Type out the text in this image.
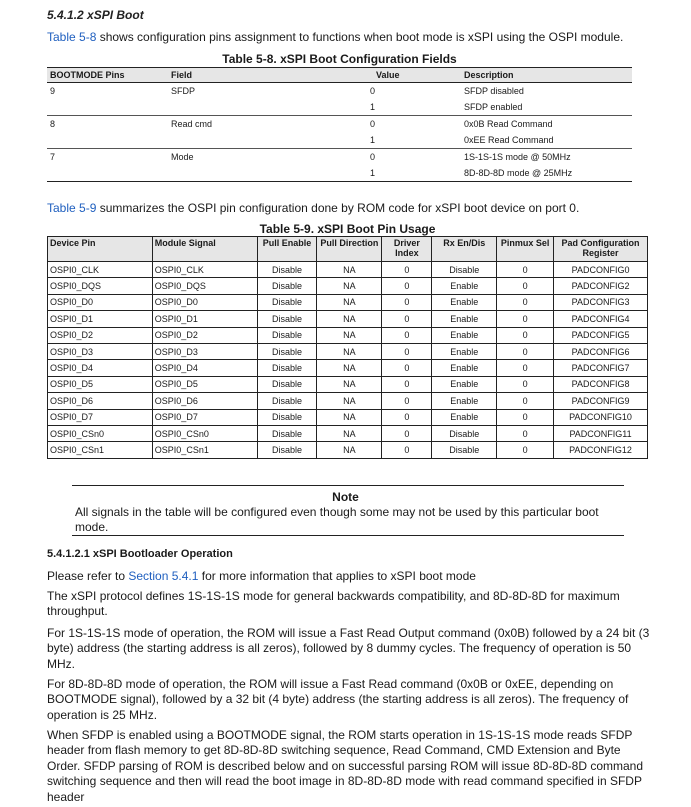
5.4.1.2 xSPI Boot
Table 5-8 shows configuration pins assignment to functions when boot mode is xSPI using the OSPI module.
Table 5-8. xSPI Boot Configuration Fields
BOOTMODE Pins	Field	Value	Description
9	SFDP	0	SFDP disabled
		1	SFDP enabled
8	Read cmd	0	0x0B Read Command
		1	0xEE Read Command
7	Mode	0	1S-1S-1S mode @ 50MHz
		1	8D-8D-8D mode @ 25MHz
Table 5-9 summarizes the OSPI pin configuration done by ROM code for xSPI boot device on port 0.
Table 5-9. xSPI Boot Pin Usage
Device Pin	Module Signal	Pull Enable	Pull Direction	Driver Index	Rx En/Dis	Pinmux Sel	Pad Configuration Register
OSPI0_CLK	OSPI0_CLK	Disable	NA	0	Disable	0	PADCONFIG0
OSPI0_DQS	OSPI0_DQS	Disable	NA	0	Enable	0	PADCONFIG2
OSPI0_D0	OSPI0_D0	Disable	NA	0	Enable	0	PADCONFIG3
OSPI0_D1	OSPI0_D1	Disable	NA	0	Enable	0	PADCONFIG4
OSPI0_D2	OSPI0_D2	Disable	NA	0	Enable	0	PADCONFIG5
OSPI0_D3	OSPI0_D3	Disable	NA	0	Enable	0	PADCONFIG6
OSPI0_D4	OSPI0_D4	Disable	NA	0	Enable	0	PADCONFIG7
OSPI0_D5	OSPI0_D5	Disable	NA	0	Enable	0	PADCONFIG8
OSPI0_D6	OSPI0_D6	Disable	NA	0	Enable	0	PADCONFIG9
OSPI0_D7	OSPI0_D7	Disable	NA	0	Enable	0	PADCONFIG10
OSPI0_CSn0	OSPI0_CSn0	Disable	NA	0	Disable	0	PADCONFIG11
OSPI0_CSn1	OSPI0_CSn1	Disable	NA	0	Disable	0	PADCONFIG12
Note
All signals in the table will be configured even though some may not be used by this particular boot mode.
5.4.1.2.1 xSPI Bootloader Operation
Please refer to Section 5.4.1 for more information that applies to xSPI boot mode
The xSPI protocol defines 1S-1S-1S mode for general backwards compatibility, and 8D-8D-8D for maximum throughput.
For 1S-1S-1S mode of operation, the ROM will issue a Fast Read Output command (0x0B) followed by a 24 bit (3 byte) address (the starting address is all zeros), followed by 8 dummy cycles. The frequency of operation is 50 MHz.
For 8D-8D-8D mode of operation, the ROM will issue a Fast Read command (0x0B or 0xEE, depending on BOOTMODE signal), followed by a 32 bit (4 byte) address (the starting address is all zeros). The frequency of operation is 25 MHz.
When SFDP is enabled using a BOOTMODE signal, the ROM starts operation in 1S-1S-1S mode reads SFDP header from flash memory to get 8D-8D-8D switching sequence, Read Command, CMD Extension and Byte Order. SFDP parsing of ROM is described below and on successful parsing ROM will issue 8D-8D-8D command switching sequence and then will read the boot image in 8D-8D-8D mode with read command specified in SFDP header
